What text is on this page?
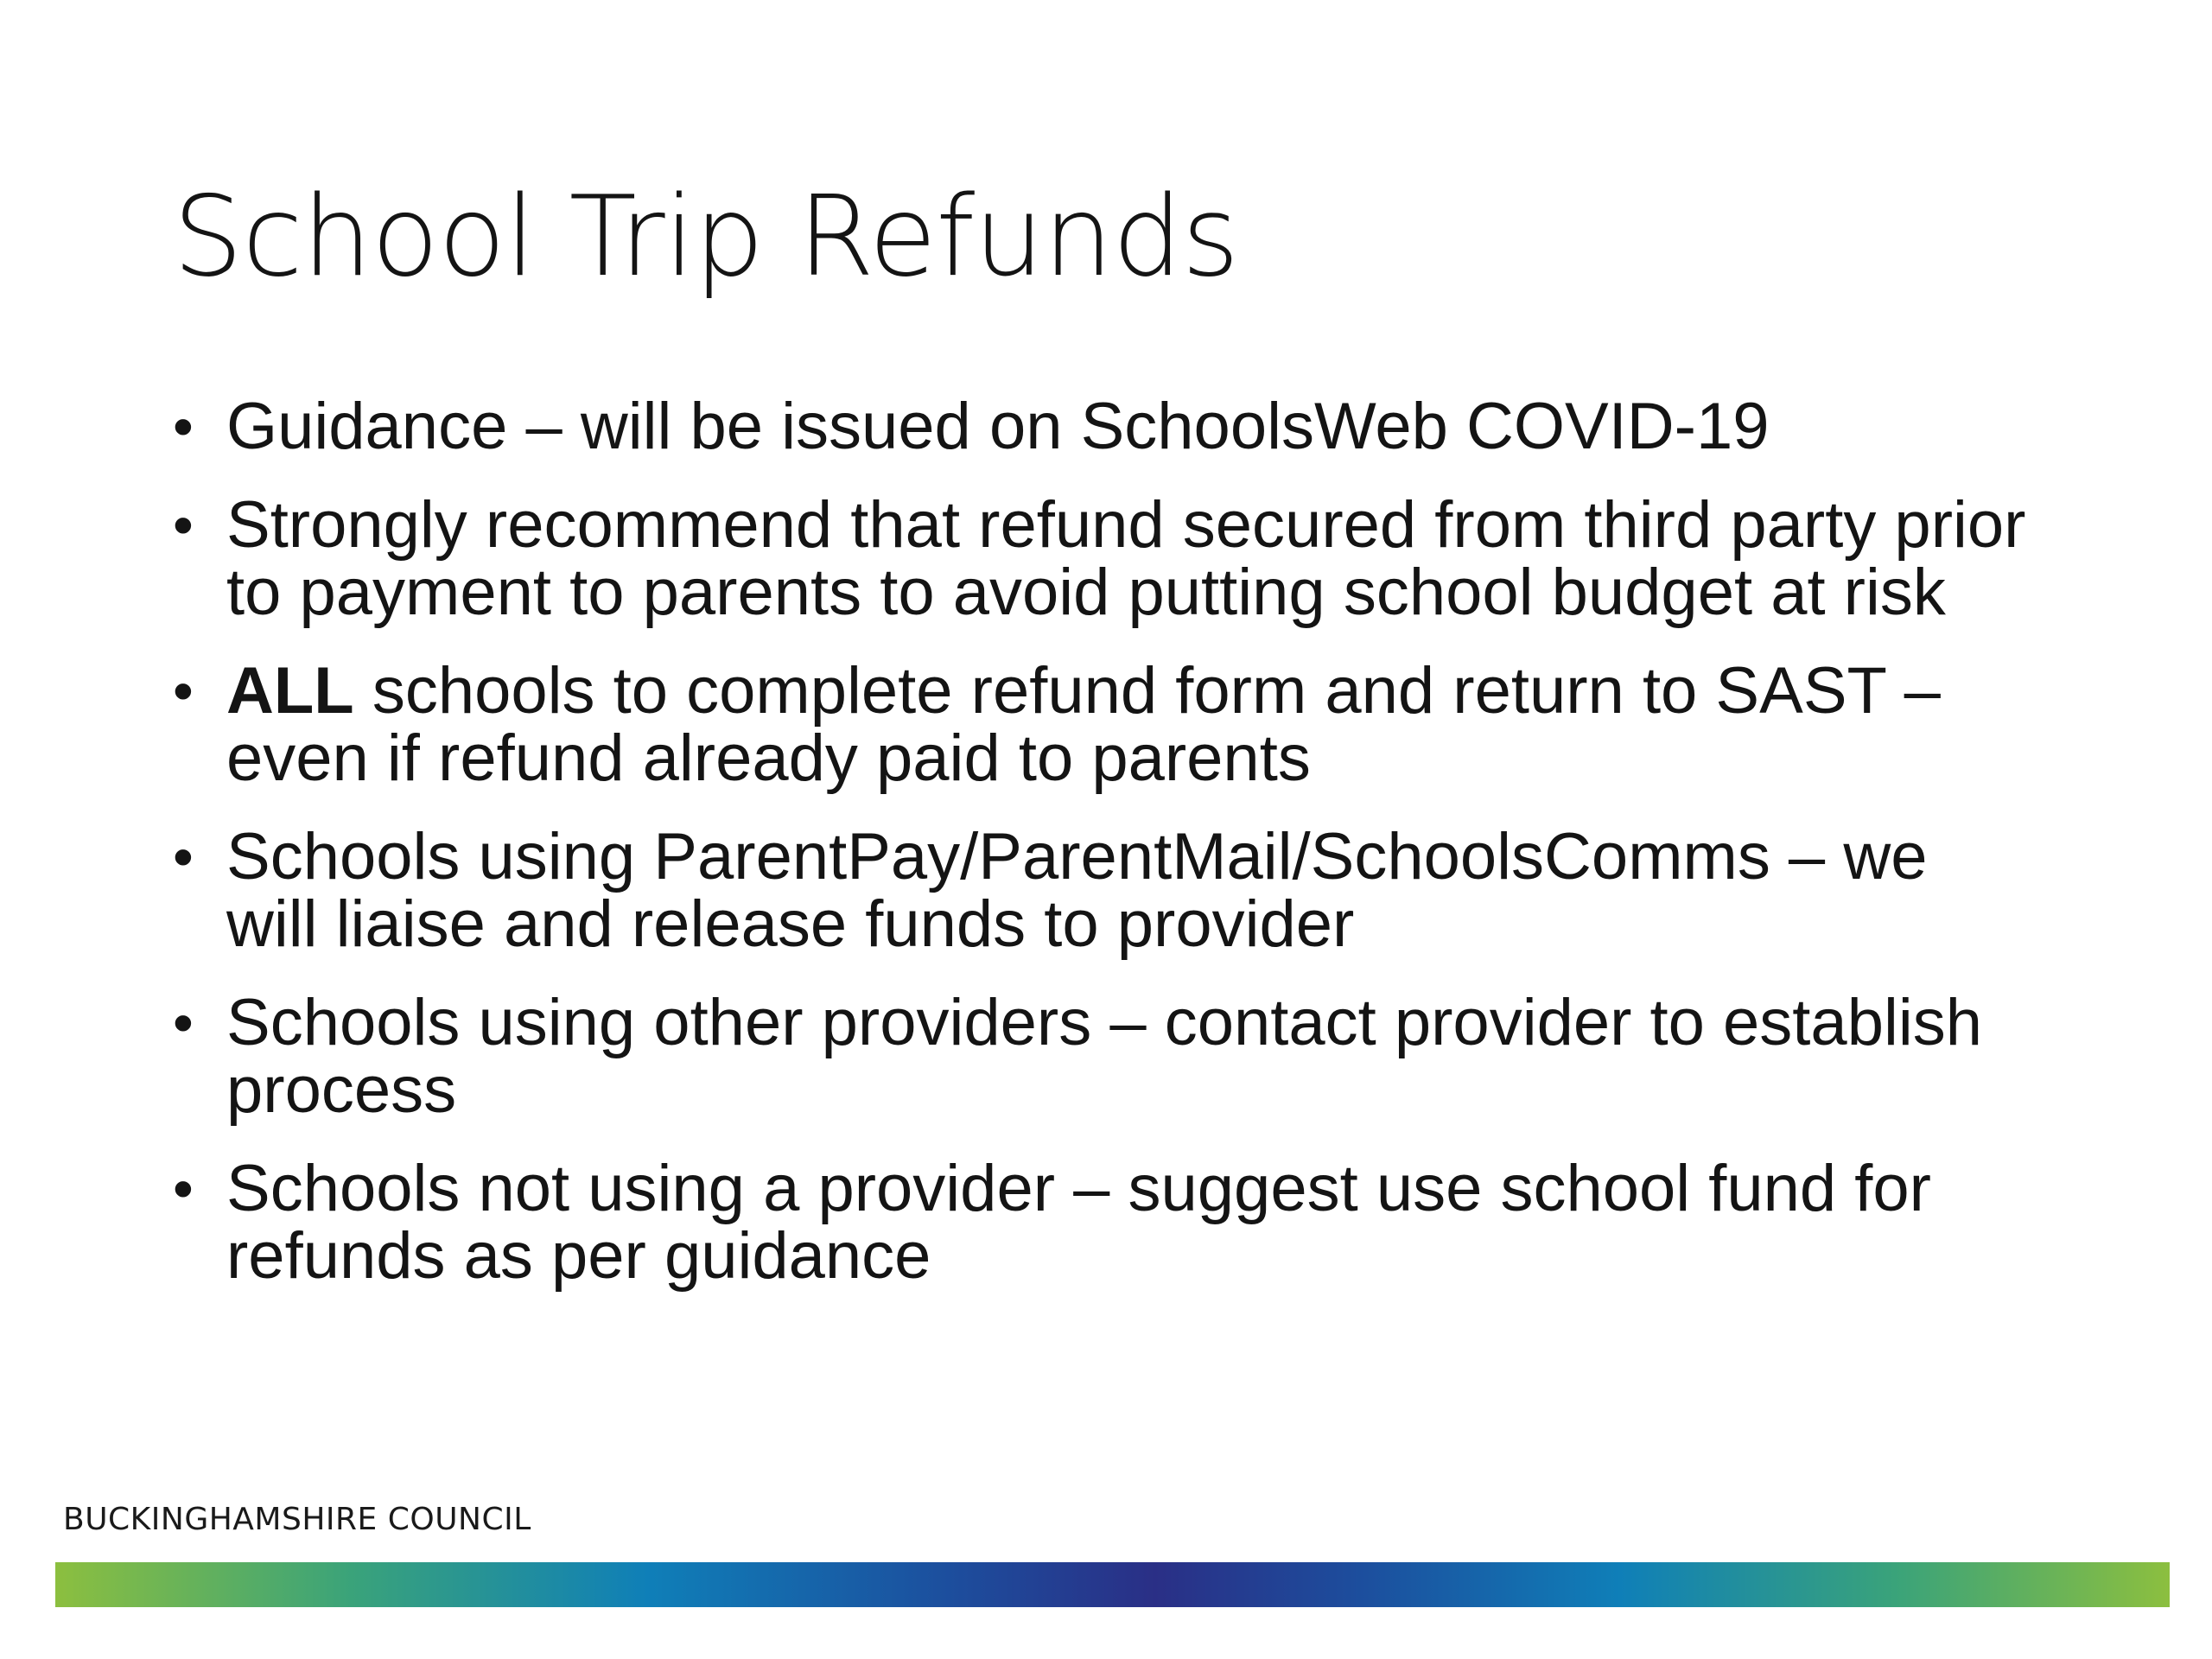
School Trip Refunds
• Guidance – will be issued on SchoolsWeb COVID-19
• Strongly recommend that refund secured from third party prior to payment to parents to avoid putting school budget at risk
• ALL schools to complete refund form and return to SAST – even if refund already paid to parents
• Schools using ParentPay/ParentMail/SchoolsComms – we will liaise and release funds to provider
• Schools using other providers – contact provider to establish process
• Schools not using a provider – suggest use school fund for refunds as per guidance
BUCKINGHAMSHIRE COUNCIL
